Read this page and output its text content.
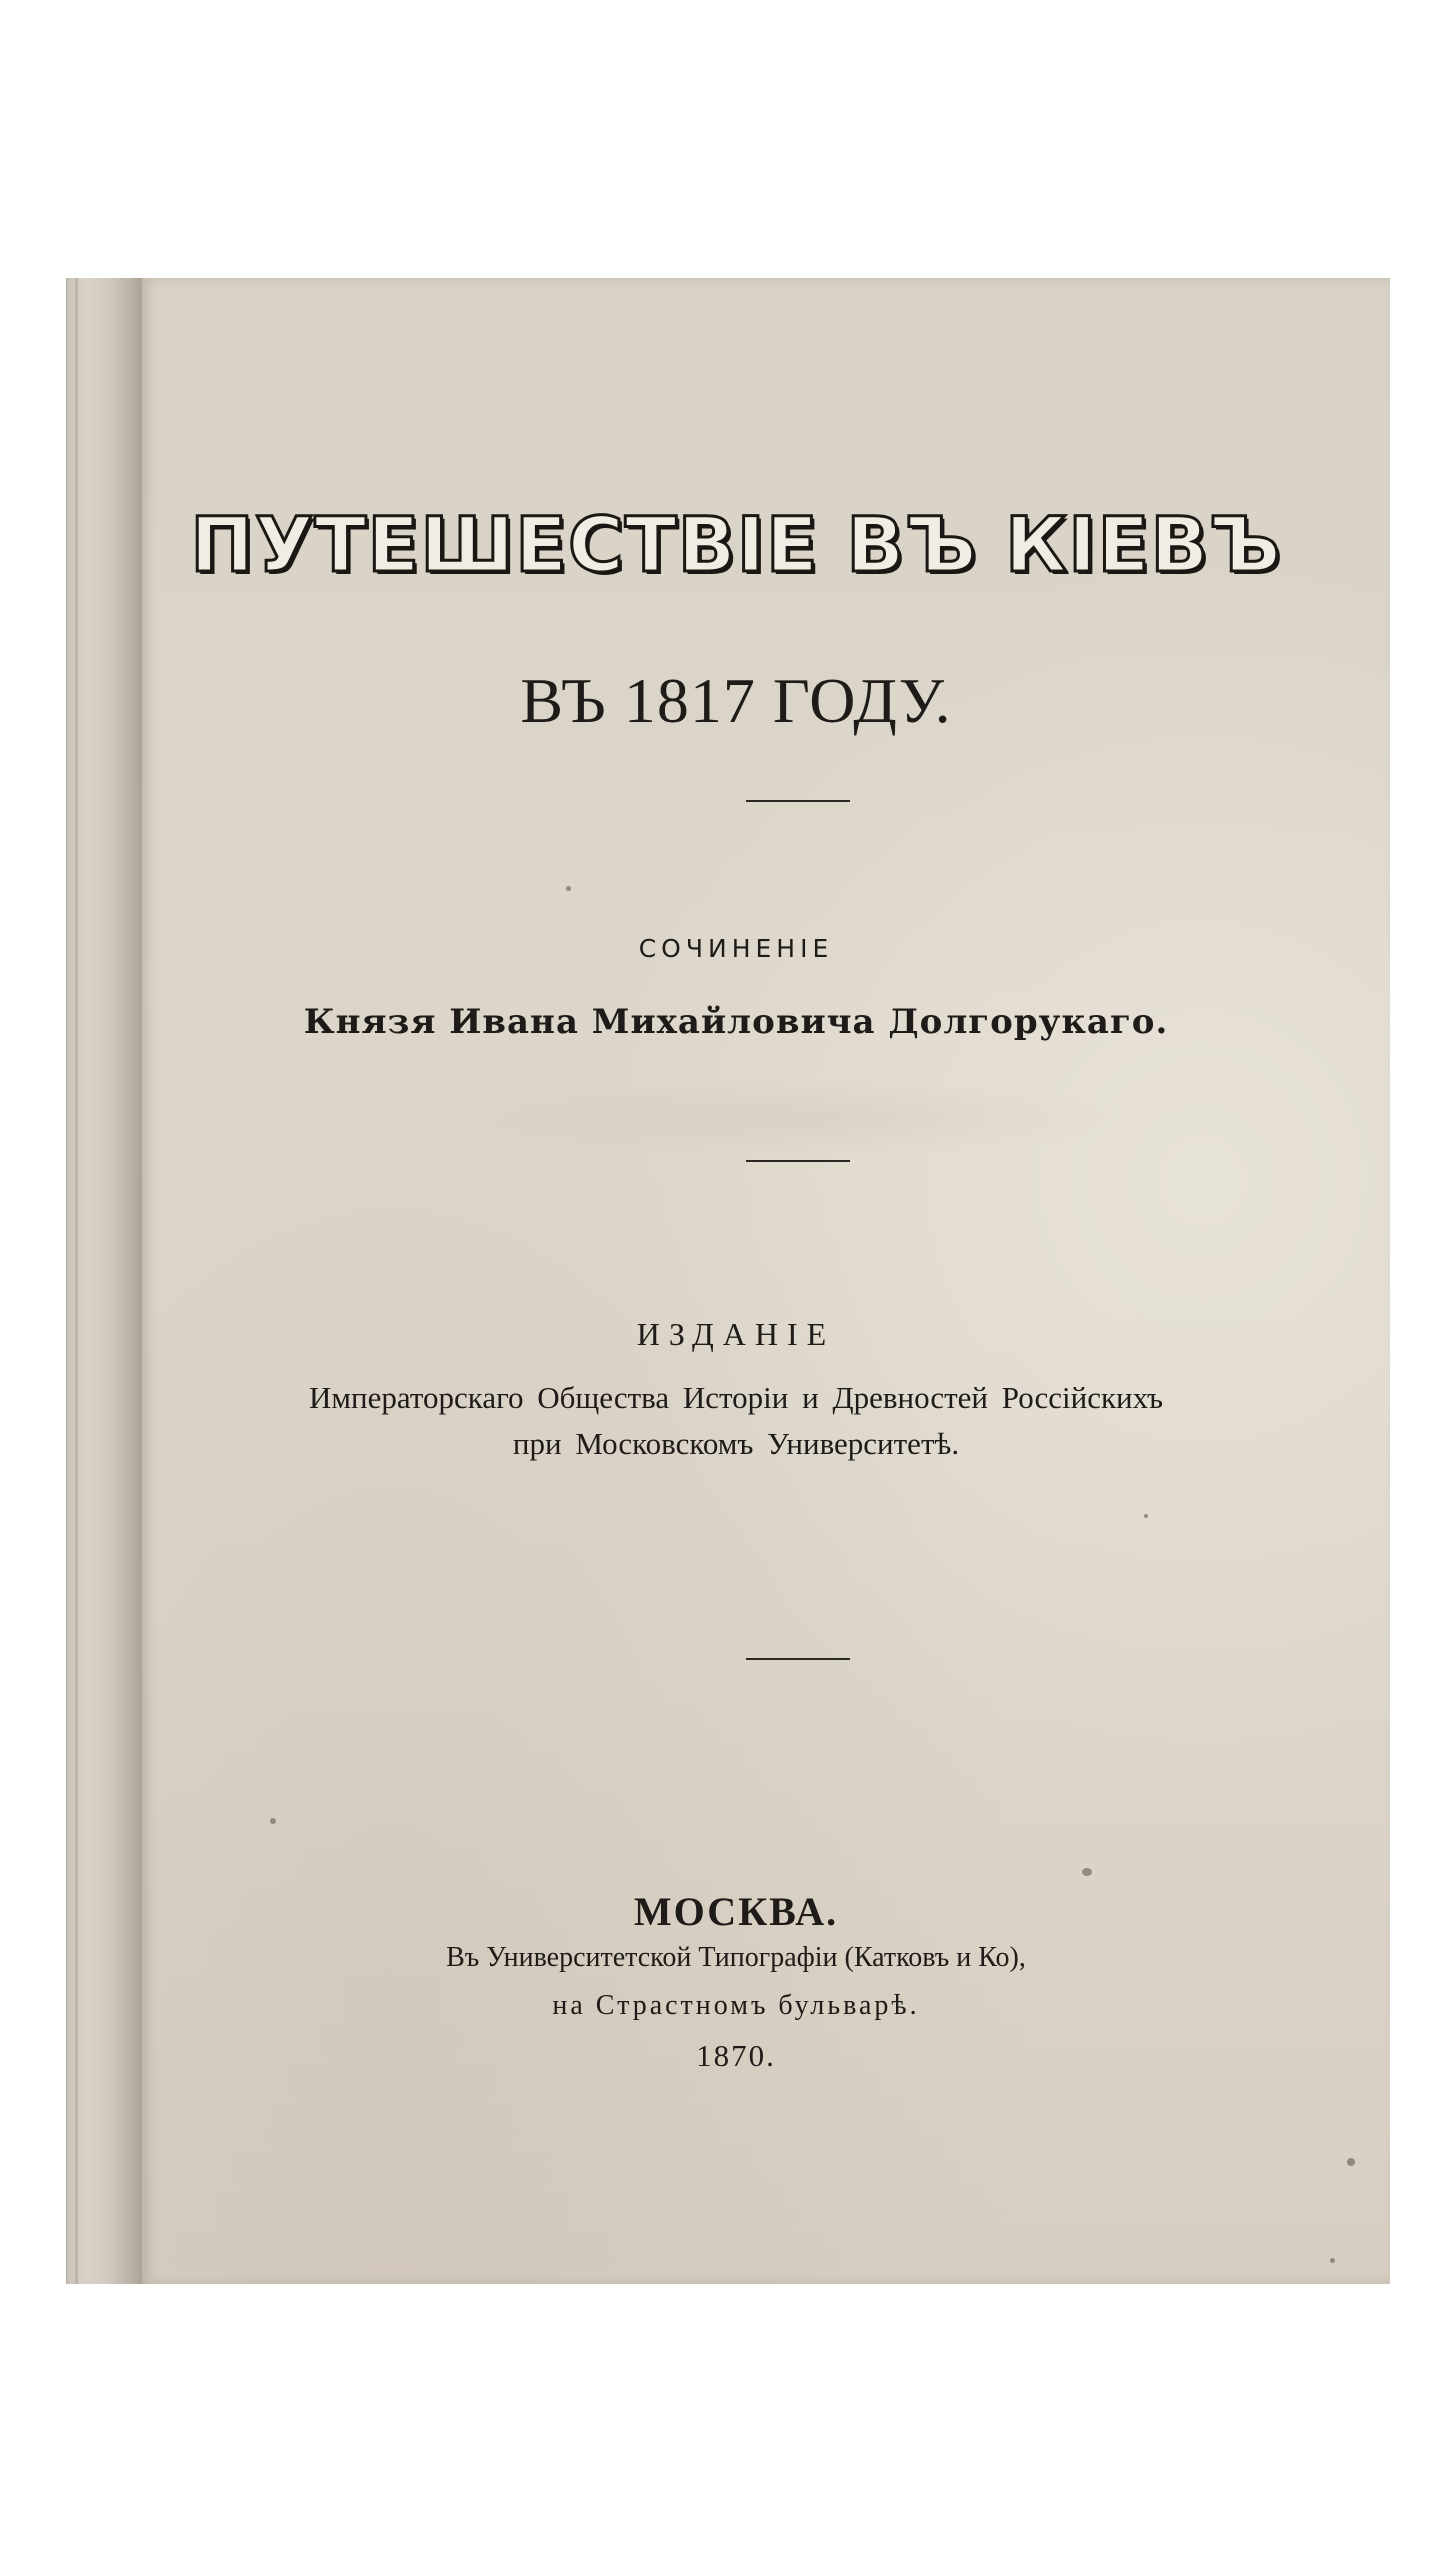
ПУТЕШЕСТВІЕ ВЪ КІЕВЪ
ВЪ 1817 ГОДУ.
СОЧИНЕНІЕ
Князя Ивана Михайловича Долгорукаго.
ИЗДАНІЕ
Императорскаго Общества Исторіи и Древностей Россійскихъ
при Московскомъ Университетѣ.
МОСКВА.
Въ Университетской Типографіи (Катковъ и Ко),
на Страстномъ бульварѣ.
1870.
